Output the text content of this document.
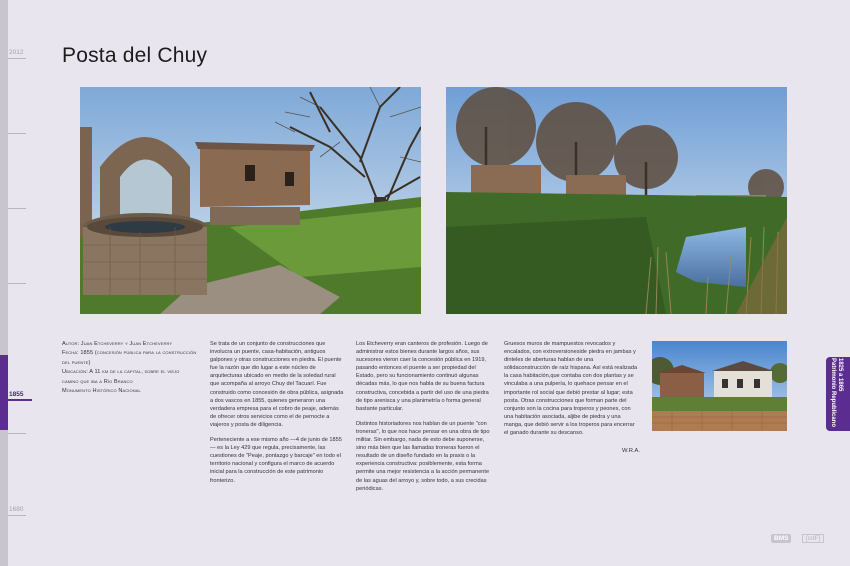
2012
1855
1680
Posta del Chuy

Autor: Juan Etcheverry y Juan Etcheverry

Fecha: 1855 (concesión pública para la construcción del puente)

Ubicación: A 11 km de la capital, sobre el viejo camino que iba a Río Branco

Monumento Histórico Nacional

Se trata de un conjunto de construcciones que involucra un puente, casa-habitación, antiguos galpones y otras construcciones en piedra. El puente fue la razón que dio lugar a este núcleo de arquitecturas ubicado en medio de la soledad rural que acompaña al arroyo Chuy del Tacuarí. Fue construido como concesión de obra pública, asignada a dos vascos en 1855, quienes generaron una verdadera empresa para el cobro de peaje, además de ofrecer otros servicios como el de pernocte a viajeros y posta de diligencia.

Perteneciente a ese mismo año —4 de junio de 1855— es la Ley 429 que regula, precisamente, las cuestiones de "Peaje, pontazgo y barcaje" en todo el territorio nacional y configura el marco de acuerdo inicial para la construcción de este patrimonio fronterizo.

Los Etcheverry eran canteros de profesión. Luego de administrar estos bienes durante largos años, sus sucesores vieron caer la concesión pública en 1919, pasando entonces el puente a ser propiedad del Estado, pero su funcionamiento continuó algunas décadas más, lo que nos habla de su buena factura constructiva, concebida a partir del uso de una piedra de tipo arenisca y una planimetría o forma general bastante particular.

Distintos historiadores nos hablan de un puente "con troneras", lo que nos hace pensar en una obra de tipo militar. Sin embargo, nada de esto debe suponerse, sino más bien que las llamadas troneras fueron el resultado de un diseño fundado en la praxis o la experiencia constructiva: posiblemente, esta forma permite una mejor resistencia a la acción permanente de las aguas del arroyo y, sobre todo, a sus crecidas periódicas.

Gruesos muros de mampuestos revocados y encalados, con extroversioneside piedra en jambas y dinteles de aberturas hablan de una sólidaconstrucción de raíz hispana. Así está realizada la casa habitación,que contaba con dos plantas y se vinculaba a una pulpería, lo quehace pensar en el importante rol social que debió prestar al lugar; esta posta. Otras construcciones que forman parte del conjunto son la cocina para troperos y peones, con una habitación asociada, aljibe de piedra y una manga, que debió servir a los troperos para encerrar el ganado durante su descanso.

W.R.A.
1825 a 1865
Patrimonio Republicano
BMS	[cdF]
